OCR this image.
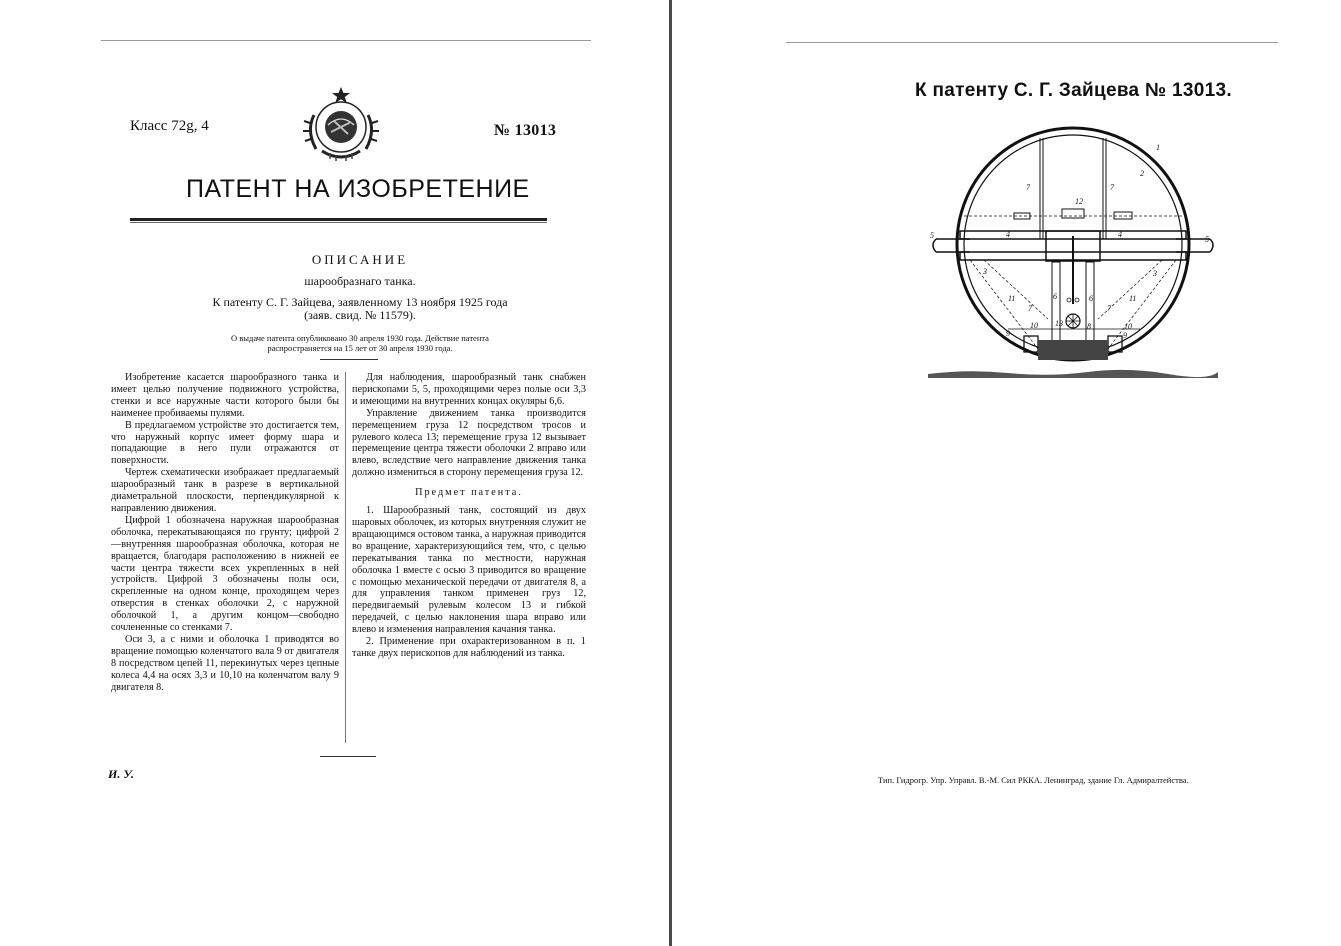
Класс 72g, 4	№ 13013
ПАТЕНТ НА ИЗОБРЕТЕНИЕ
ОПИСАНИЕ
шарообразнаго танка.
К патенту С. Г. Зайцева, заявленному 13 ноября 1925 года
(заяв. свид. № 11579).
О выдаче патента опубликовано 30 апреля 1930 года. Действие патента
распространяется на 15 лет от 30 апреля 1930 года.

Изобретение касается шарообразного танка и имеет целью получение подвижного устройства, стенки и все наружные части которого были бы наименее пробиваемы пулями.

В предлагаемом устройстве это достигается тем, что наружный корпус имеет форму шара и попадающие в него пули отражаются от поверхности.

Чертеж схематически изображает предлагаемый шарообразный танк в разрезе в вертикальной диаметральной плоскости, перпендикулярной к направлению движения.

Цифрой 1 обозначена наружная шарообразная оболочка, перекатывающаяся по грунту; цифрой 2—внутренняя шарообразная оболочка, которая не вращается, благодаря расположению в нижней ее части центра тяжести всех укрепленных в ней устройств. Цифрой 3 обозначены полы оси, скрепленные на одном конце, проходящем через отверстия в стенках оболочки 2, с наружной оболочкой 1, а другим концом—свободно сочлененные со стенками 7.

Оси 3, а с ними и оболочка 1 приводятся во вращение помощью коленчатого вала 9 от двигателя 8 посредством цепей 11, перекинутых через цепные колеса 4,4 на осях 3,3 и 10,10 на коленчатом валу 9 двигателя 8.

Для наблюдения, шарообразный танк снабжен перископами 5, 5, проходящими через полые оси 3,3 и имеющими на внутренних концах окуляры 6,6.

Управление движением танка производится перемещением груза 12 посредством тросов и рулевого колеса 13; перемещение груза 12 вызывает перемещение центра тяжести оболочки 2 вправо или влево, вследствие чего направление движения танка должно измениться в сторону перемещения груза 12.

Предмет патента.

1. Шарообразный танк, состоящий из двух шаровых оболочек, из которых внутренняя служит не вращающимся остовом танка, а наружная приводится во вращение, характеризующийся тем, что, с целью перекатывания танка по местности, наружная оболочка 1 вместе с осью 3 приводится во вращение с помощью механической передачи от двигателя 8, а для управления танком применен груз 12, передвигаемый рулевым колесом 13 и гибкой передачей, с целью наклонения шара вправо или влево и изменения направления качания танка.

2. Применение при охарактеризованном в п. 1 танке двух перископов для наблюдений из танка.

И. У.
К патенту С. Г. Зайцева № 13013.
1
2
3	3
4	4
5	5
6	6
7	7
7	7
8
9	9
10	10
11	11
12
13
Тип. Гидрогр. Упр. Управл. В.-М. Сил РККА. Ленинград, здание Гл. Адмиралтейства.
